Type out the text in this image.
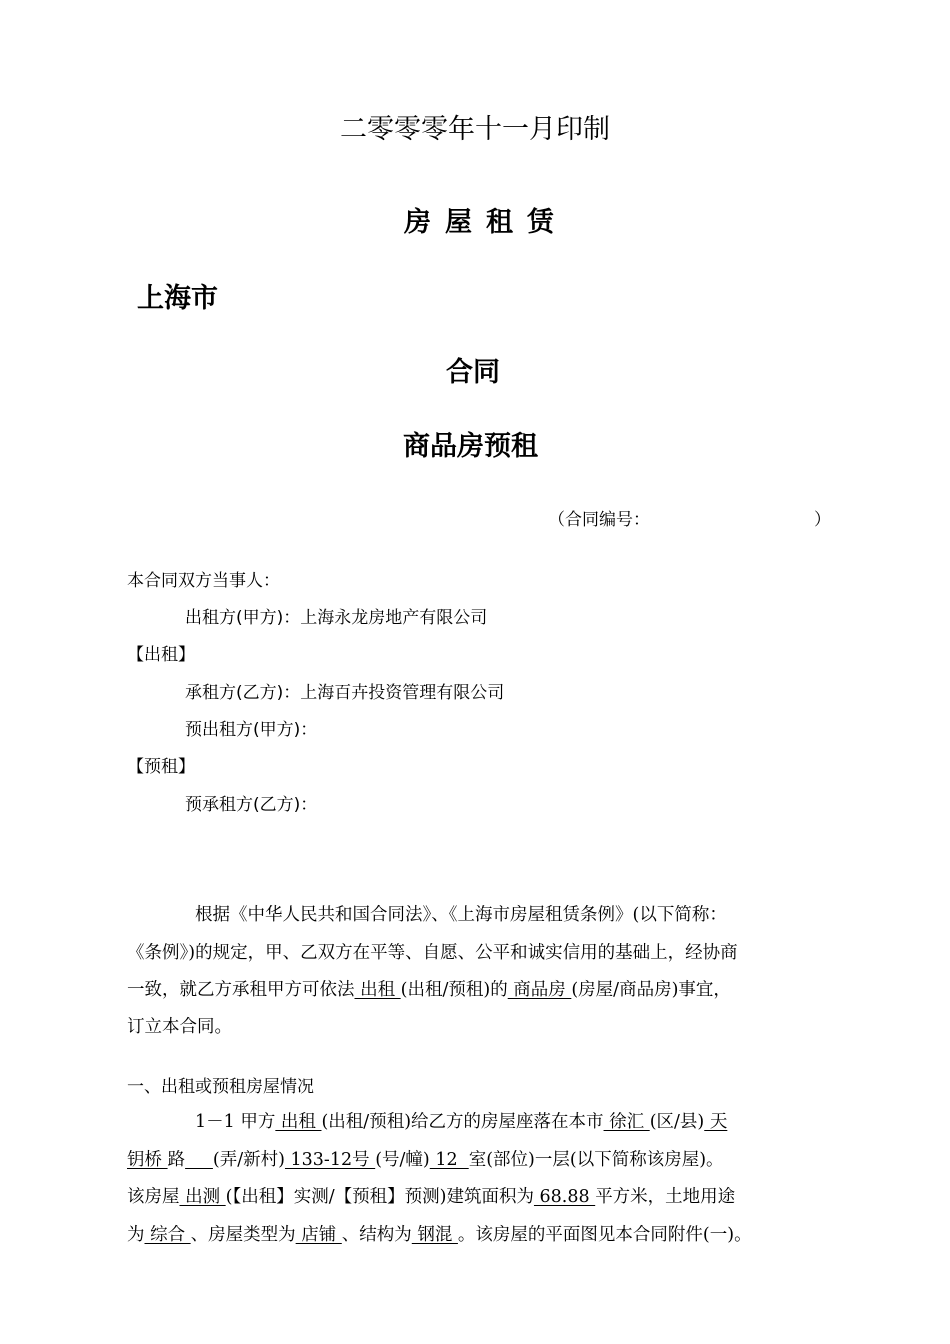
二零零零年十一月印制
房屋租赁
上海市
合同
商品房预租
（合同编号：	）
本合同双方当事人：
出租方(甲方)：上海永龙房地产有限公司
【出租】
承租方(乙方)：上海百卉投资管理有限公司
预出租方(甲方)：
【预租】
预承租方(乙方)：
根据《中华人民共和国合同法》、《上海市房屋租赁条例》(以下简称：
《条例》)的规定，甲、乙双方在平等、自愿、公平和诚实信用的基础上，经协商
一致，就乙方承租甲方可依法 出租 (出租/预租)的 商品房 (房屋/商品房)事宜，
订立本合同。
一、出租或预租房屋情况
1－1 甲方 出租 (出租/预租)给乙方的房屋座落在本市 徐汇 (区/县) 天
钥桥 路 (弄/新村) 133-12号 (号/幢) 12  室(部位)一层(以下简称该房屋)。
该房屋 出测 (【出租】实测/【预租】预测)建筑面积为 68.88 平方米，土地用途
为 综合 、房屋类型为 店铺 、结构为 钢混 。该房屋的平面图见本合同附件(一)。
